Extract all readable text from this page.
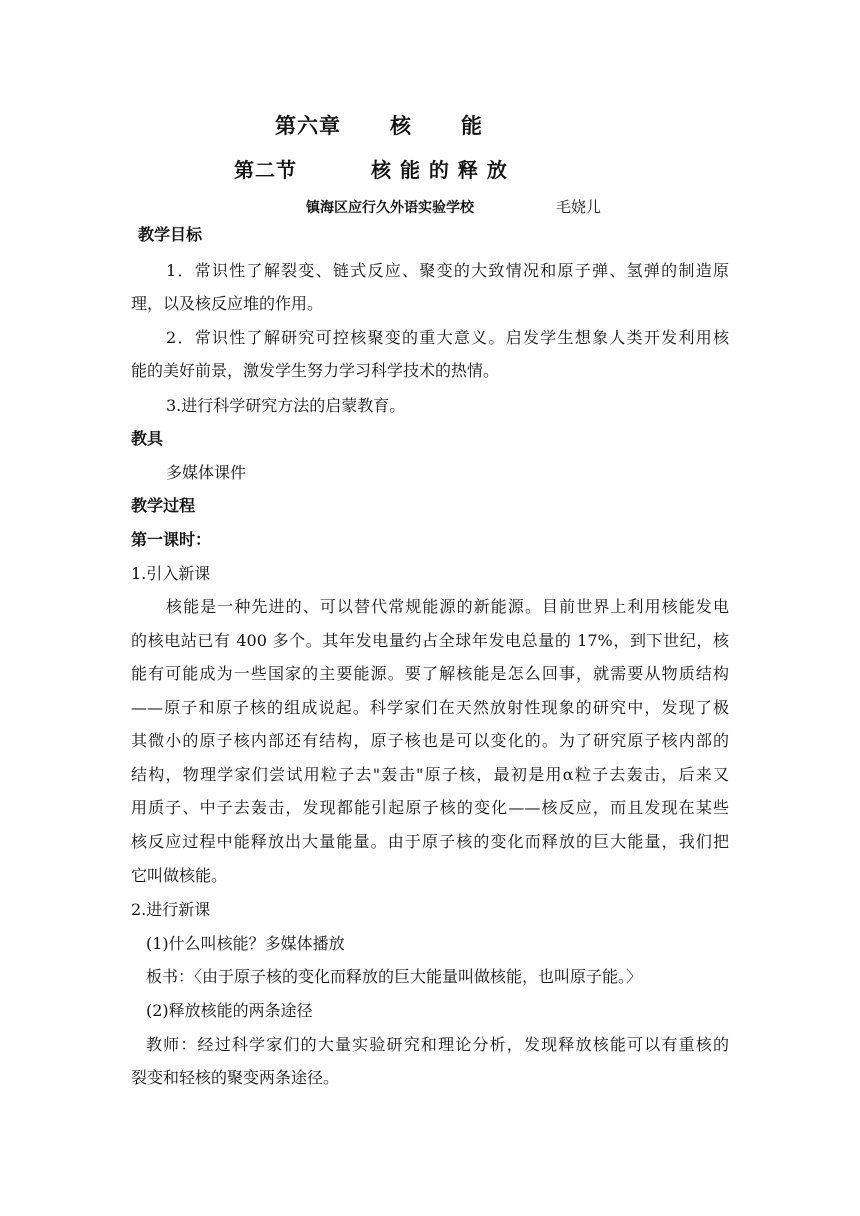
第六章 核 能
第二节	核 能 的 释 放
镇海区应行久外语实验学校	毛娆儿
教学目标
1．常识性了解裂变、链式反应、聚变的大致情况和原子弹、氢弹的制造原
理，以及核反应堆的作用。
2．常识性了解研究可控核聚变的重大意义。启发学生想象人类开发利用核
能的美好前景，激发学生努力学习科学技术的热情。
3.进行科学研究方法的启蒙教育。
教具
多媒体课件
教学过程
第一课时：
1.引入新课
核能是一种先进的、可以替代常规能源的新能源。目前世界上利用核能发电
的核电站已有 400 多个。其年发电量约占全球年发电总量的 17%，到下世纪，核
能有可能成为一些国家的主要能源。要了解核能是怎么回事，就需要从物质结构
——原子和原子核的组成说起。科学家们在天然放射性现象的研究中，发现了极
其微小的原子核内部还有结构，原子核也是可以变化的。为了研究原子核内部的
结构，物理学家们尝试用粒子去"轰击"原子核，最初是用α粒子去轰击，后来又
用质子、中子去轰击，发现都能引起原子核的变化——核反应，而且发现在某些
核反应过程中能释放出大量能量。由于原子核的变化而释放的巨大能量，我们把
它叫做核能。
2.进行新课
(1)什么叫核能？多媒体播放
板书：〈由于原子核的变化而释放的巨大能量叫做核能，也叫原子能。〉
(2)释放核能的两条途径
教师：经过科学家们的大量实验研究和理论分析，发现释放核能可以有重核的
裂变和轻核的聚变两条途径。
